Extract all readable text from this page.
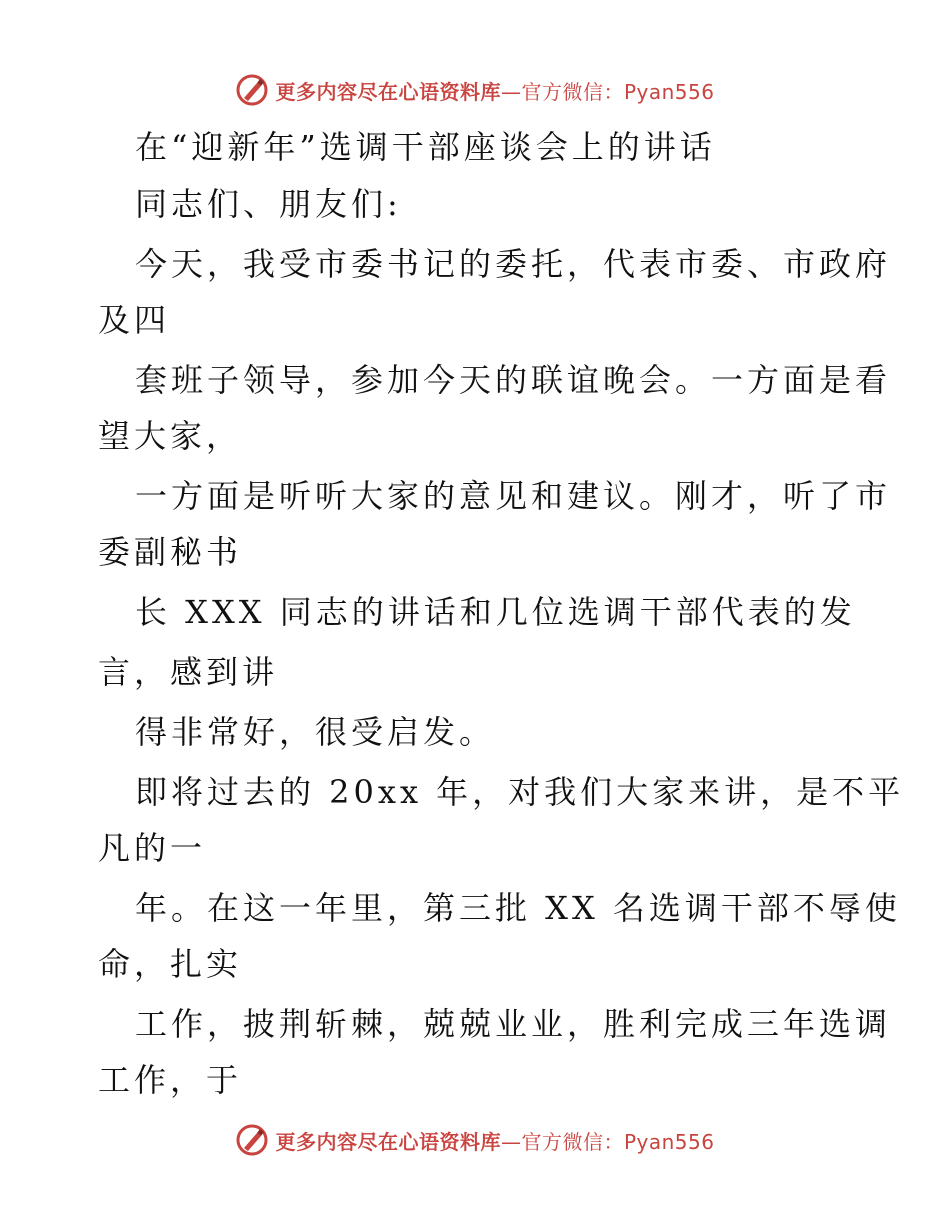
更多内容尽在心语资料库—官方微信：Pyan556
在“迎新年”选调干部座谈会上的讲话
同志们、朋友们:
今天，我受市委书记的委托，代表市委、市政府
及四
套班子领导，参加今天的联谊晚会。一方面是看
望大家，
一方面是听听大家的意见和建议。刚才，听了市
委副秘书
长 XXX 同志的讲话和几位选调干部代表的发
言，感到讲
得非常好，很受启发。
即将过去的 20xx 年，对我们大家来讲，是不平
凡的一
年。在这一年里，第三批 XX 名选调干部不辱使
命，扎实
工作，披荆斩棘，兢兢业业，胜利完成三年选调
工作，于
更多内容尽在心语资料库—官方微信：Pyan556
